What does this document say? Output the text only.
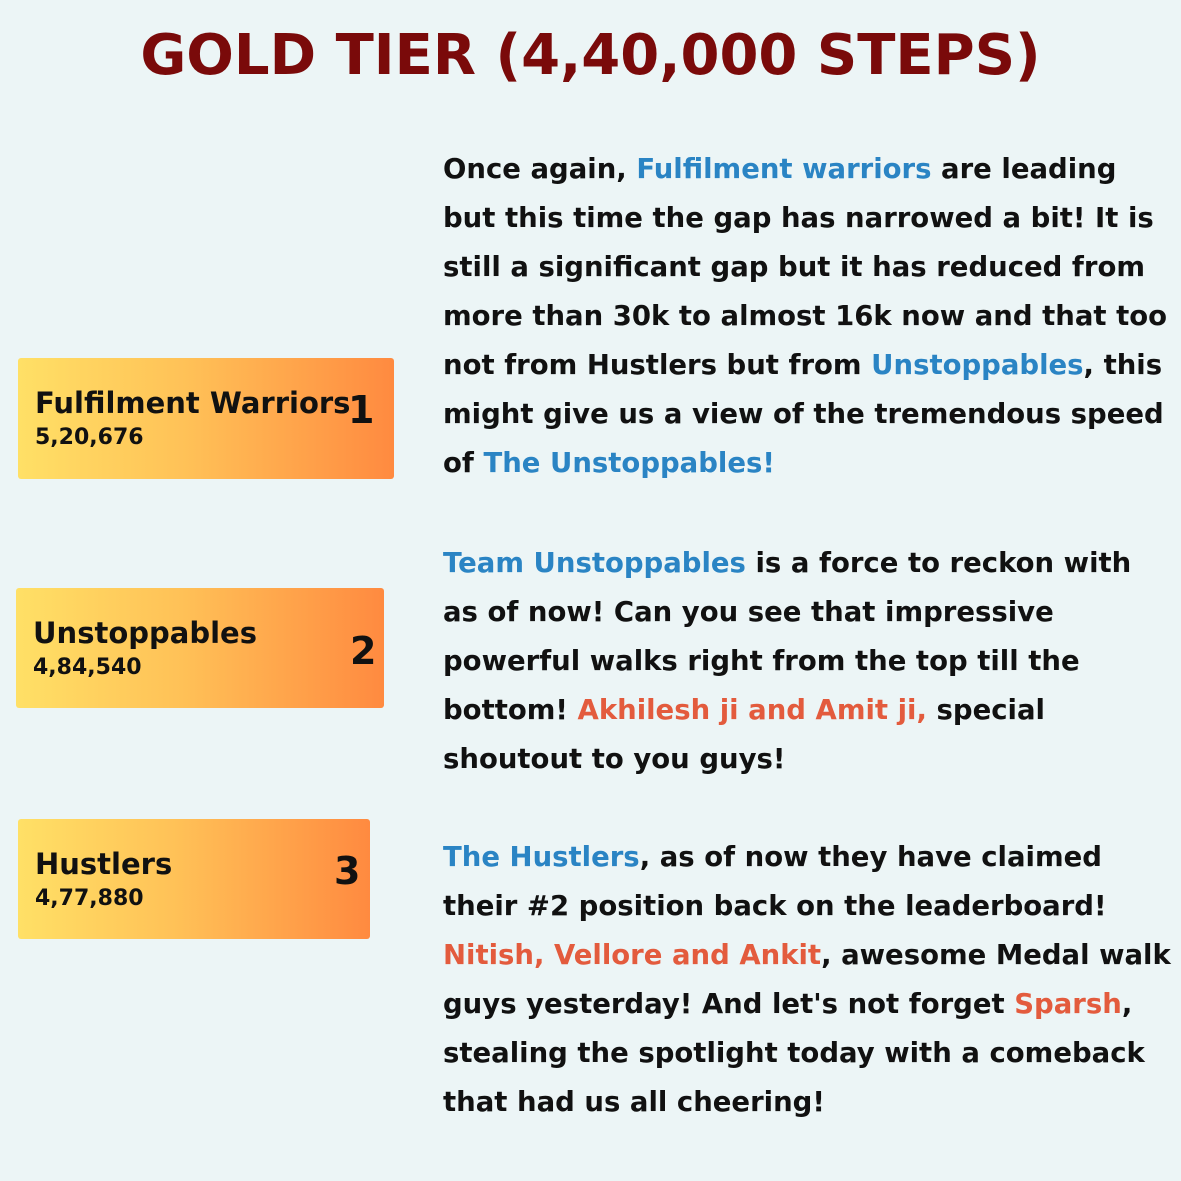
GOLD TIER (4,40,000 STEPS)
Fulfilment Warriors
5,20,676
1
Unstoppables
4,84,540	2
Hustlers
4,77,880
3
Once again, Fulfilment warriors are leading but this time the gap has narrowed a bit! It is still a significant gap but it has reduced from more than 30k to almost 16k now and that too not from Hustlers but from Unstoppables, this might give us a view of the tremendous speed of The Unstoppables!
Team Unstoppables is a force to reckon with as of now! Can you see that impressive powerful walks right from the top till the bottom! Akhilesh ji and Amit ji, special shoutout to you guys!
The Hustlers, as of now they have claimed their #2 position back on the leaderboard! Nitish, Vellore and Ankit, awesome Medal walk guys yesterday! And let's not forget Sparsh, stealing the spotlight today with a comeback that had us all cheering!
